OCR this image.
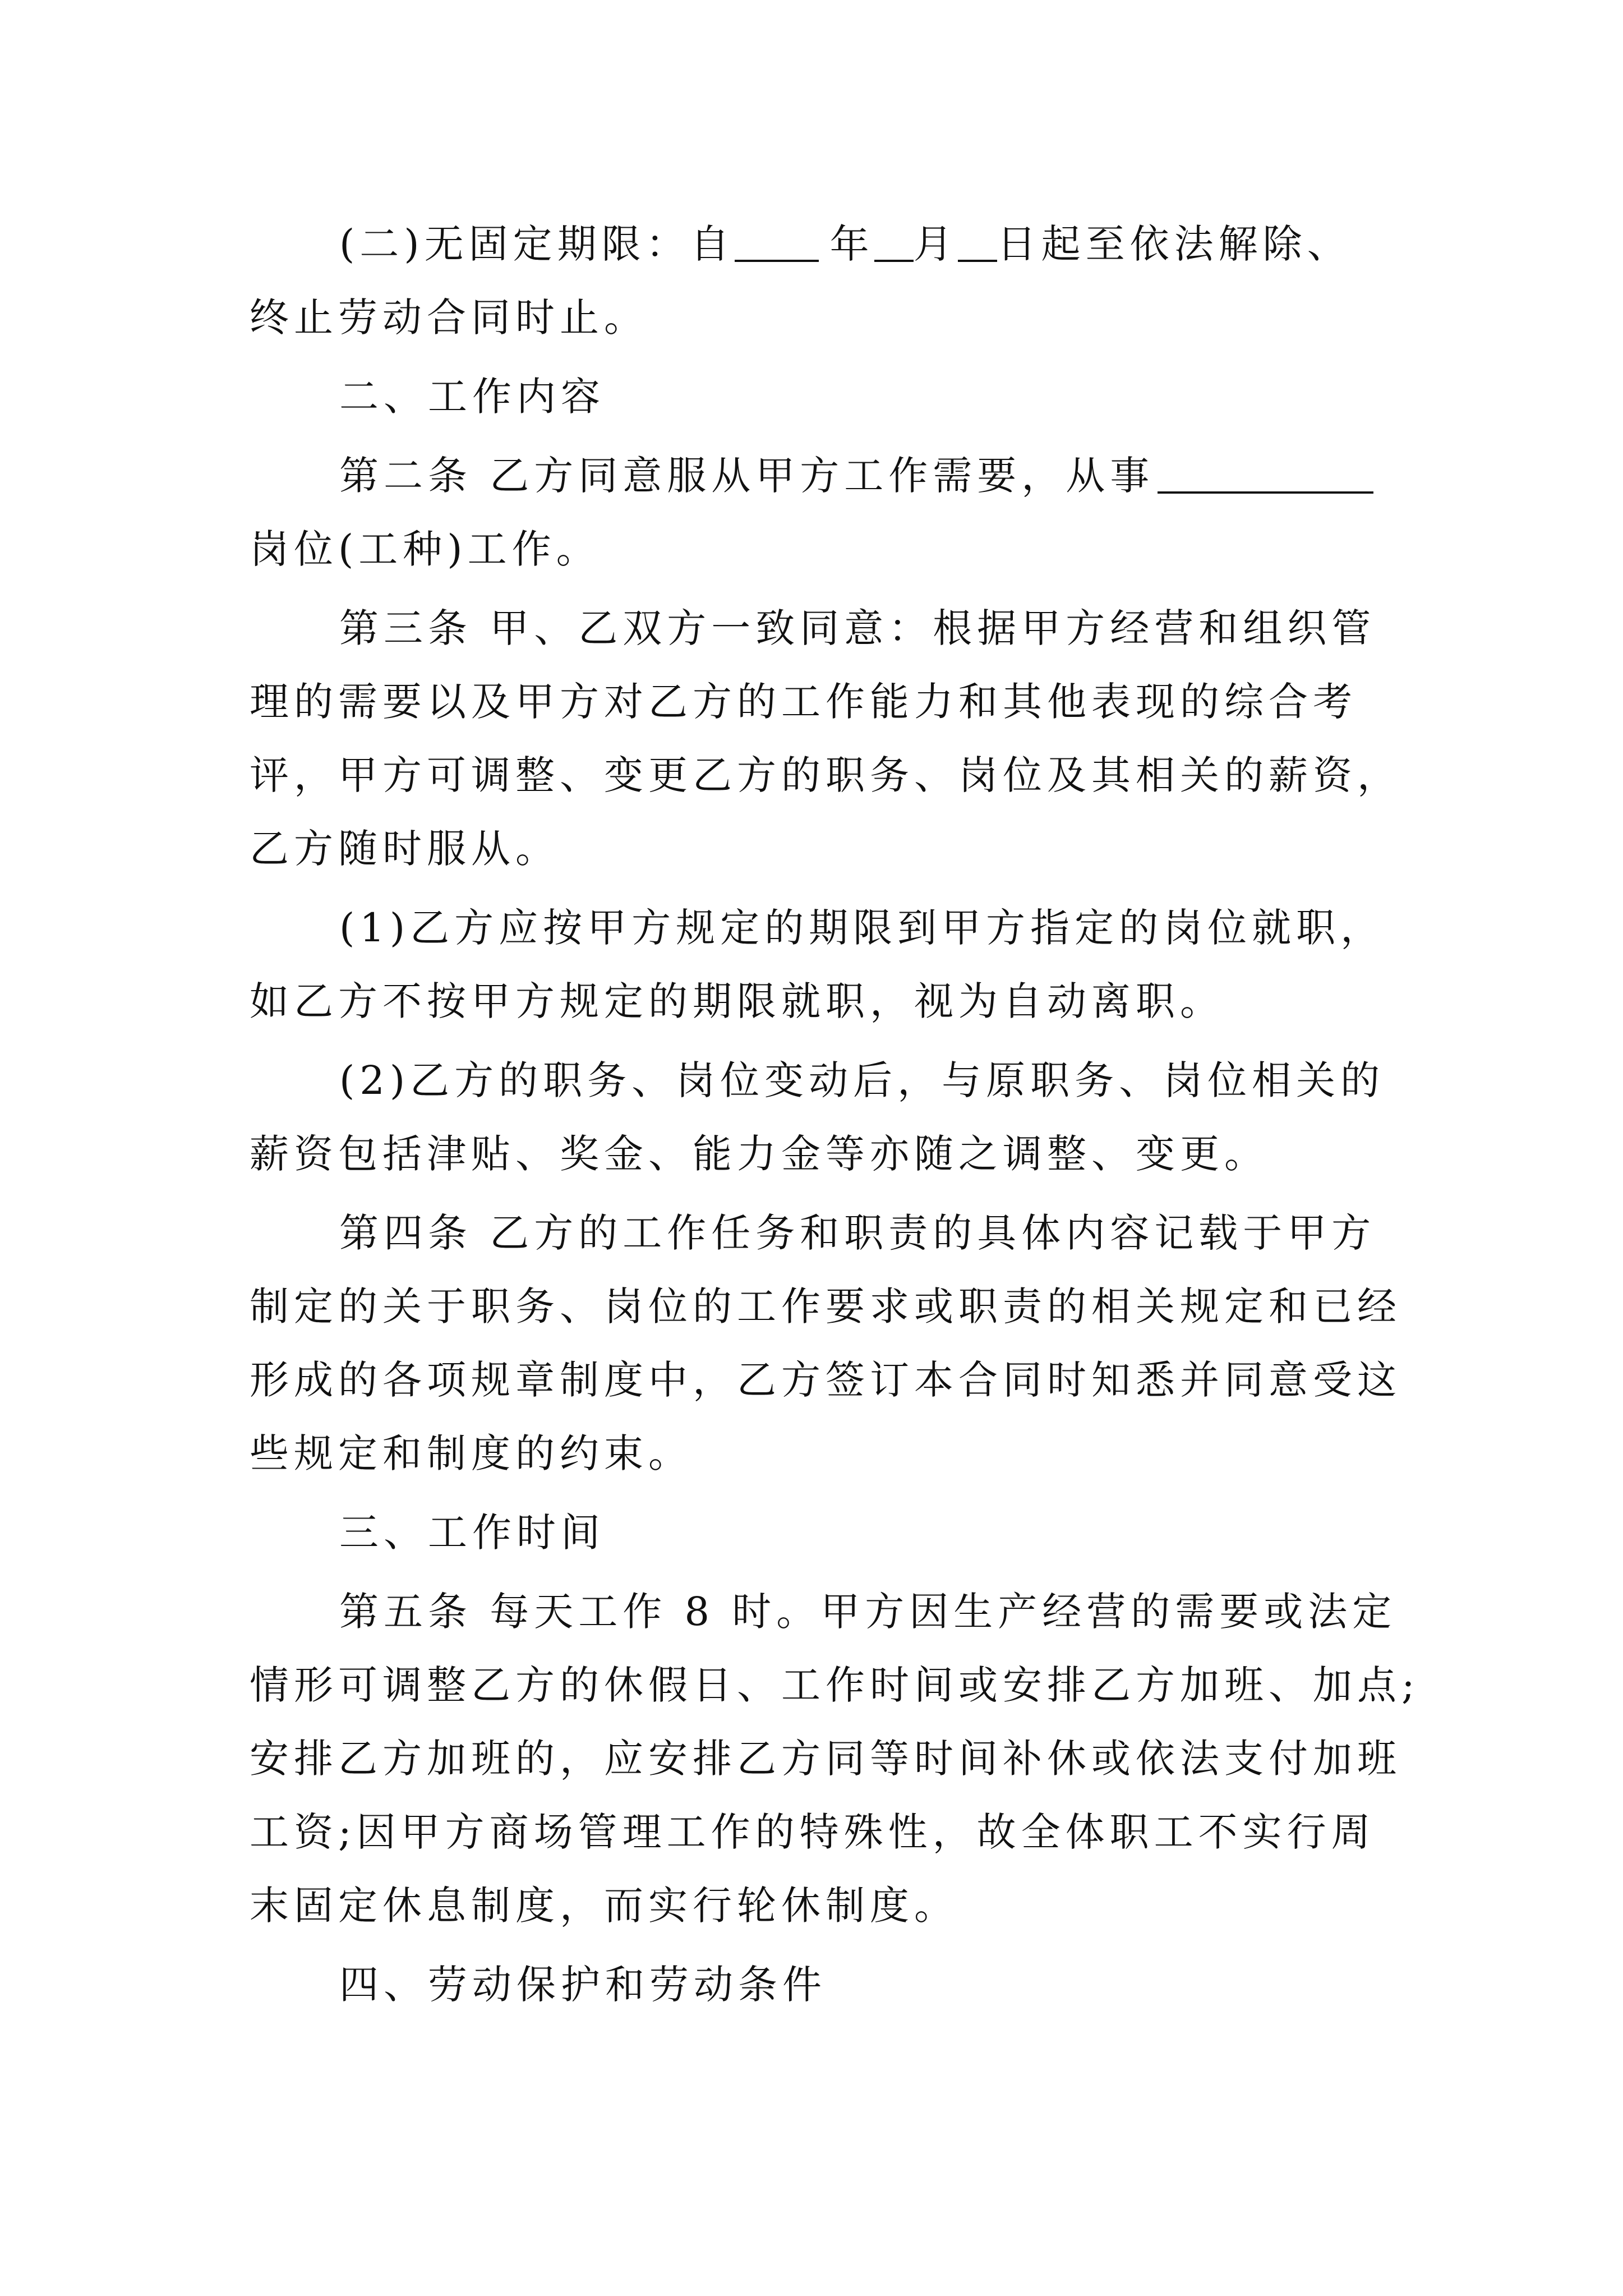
(二)无固定期限：自 年 月 日起至依法解除、
终止劳动合同时止。
二、工作内容
第二条 乙方同意服从甲方工作需要，从事
岗位(工种)工作。
第三条 甲、乙双方一致同意：根据甲方经营和组织管
理的需要以及甲方对乙方的工作能力和其他表现的综合考
评，甲方可调整、变更乙方的职务、岗位及其相关的薪资，
乙方随时服从。
(1)乙方应按甲方规定的期限到甲方指定的岗位就职，
如乙方不按甲方规定的期限就职，视为自动离职。
(2)乙方的职务、岗位变动后，与原职务、岗位相关的
薪资包括津贴、奖金、能力金等亦随之调整、变更。
第四条 乙方的工作任务和职责的具体内容记载于甲方
制定的关于职务、岗位的工作要求或职责的相关规定和已经
形成的各项规章制度中，乙方签订本合同时知悉并同意受这
些规定和制度的约束。
三、工作时间
第五条 每天工作 8 时。甲方因生产经营的需要或法定
情形可调整乙方的休假日、工作时间或安排乙方加班、加点;
安排乙方加班的，应安排乙方同等时间补休或依法支付加班
工资;因甲方商场管理工作的特殊性，故全体职工不实行周
末固定休息制度，而实行轮休制度。
四、劳动保护和劳动条件
